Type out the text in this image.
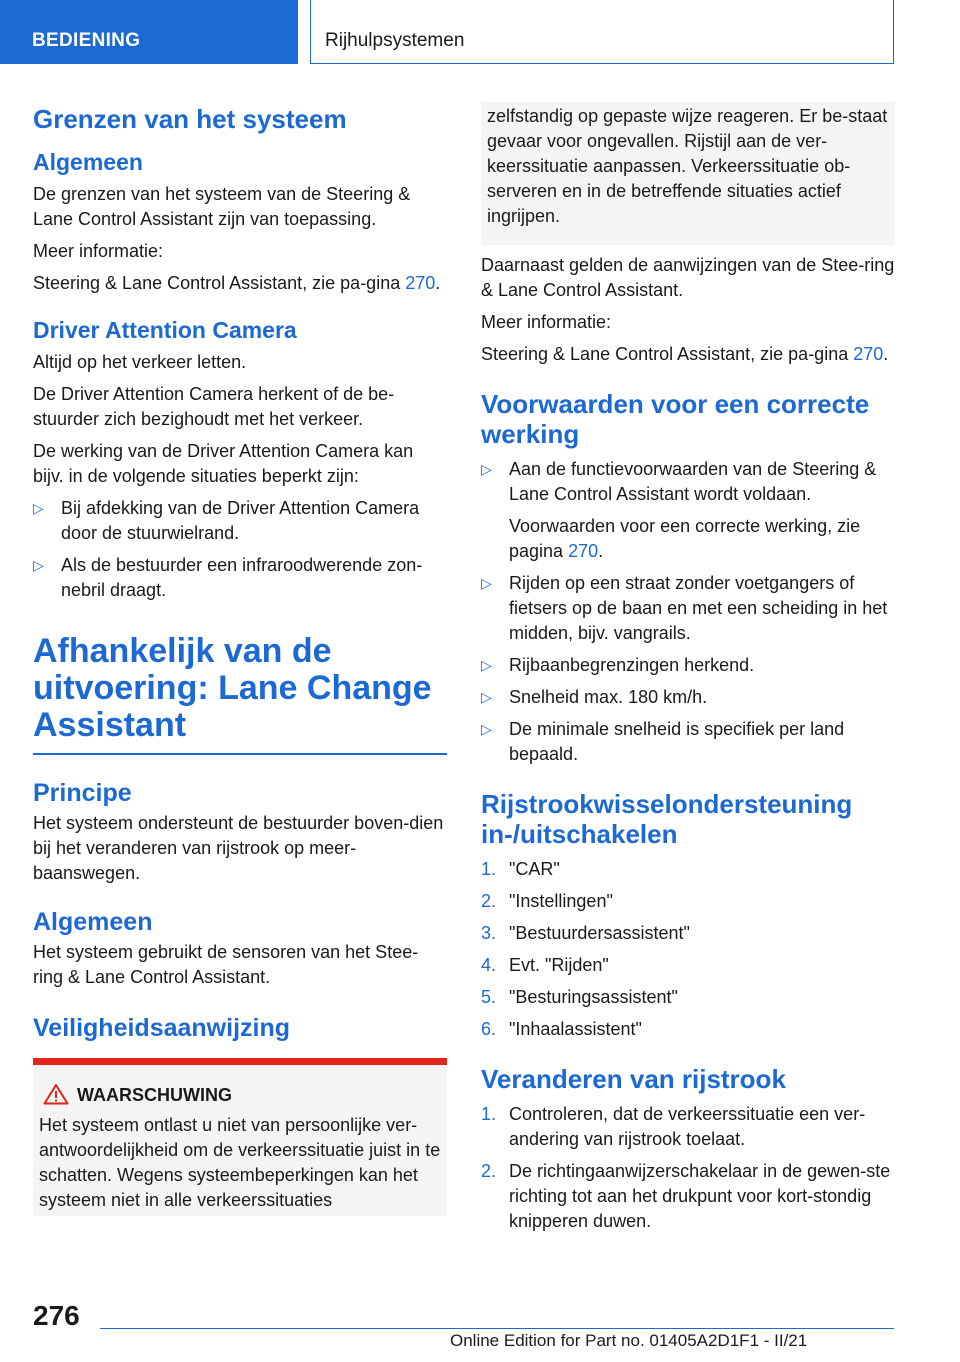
BEDIENING	Rijhulpsystemen
Grenzen van het systeem
Algemeen

De grenzen van het systeem van de Steering & Lane Control Assistant zijn van toepassing.

Meer informatie:

Steering & Lane Control Assistant, zie pa-gina 270.

Driver Attention Camera

Altijd op het verkeer letten.

De Driver Attention Camera herkent of de be-stuurder zich bezighoudt met het verkeer.

De werking van de Driver Attention Camera kan bijv. in de volgende situaties beperkt zijn:

▷ Bij afdekking van de Driver Attention Camera door de stuurwielrand.
▷ Als de bestuurder een infraroodwerende zon-nebril draagt.
Afhankelijk van de uitvoering: Lane Change Assistant
Principe

Het systeem ondersteunt de bestuurder boven-dien bij het veranderen van rijstrook op meer-baanswegen.

Algemeen

Het systeem gebruikt de sensoren van het Stee-ring & Lane Control Assistant.

Veiligheidsaanwijzing

WAARSCHUWING

Het systeem ontlast u niet van persoonlijke ver-antwoordelijkheid om de verkeerssituatie juist in te schatten. Wegens systeembeperkingen kan het systeem niet in alle verkeerssituaties

zelfstandig op gepaste wijze reageren. Er be-staat gevaar voor ongevallen. Rijstijl aan de ver-keerssituatie aanpassen. Verkeerssituatie ob-serveren en in de betreffende situaties actief ingrijpen.

Daarnaast gelden de aanwijzingen van de Stee-ring & Lane Control Assistant.

Meer informatie:

Steering & Lane Control Assistant, zie pa-gina 270.

Voorwaarden voor een correcte werking
▷ Aan de functievoorwaarden van de Steering & Lane Control Assistant wordt voldaan.
Voorwaarden voor een correcte werking, zie pagina 270.
▷ Rijden op een straat zonder voetgangers of fietsers op de baan en met een scheiding in het midden, bijv. vangrails.
▷ Rijbaanbegrenzingen herkend.
▷ Snelheid max. 180 km/h.
▷ De minimale snelheid is specifiek per land bepaald.
Rijstrookwisselondersteuning in-/uitschakelen
1. "CAR"
2. "Instellingen"
3. "Bestuurdersassistent"
4. Evt. "Rijden"
5. "Besturingsassistent"
6. "Inhaalassistent"
Veranderen van rijstrook
1. Controleren, dat de verkeerssituatie een ver-andering van rijstrook toelaat.
2. De richtingaanwijzerschakelaar in de gewen-ste richting tot aan het drukpunt voor kort-stondig knipperen duwen.
276
Online Edition for Part no. 01405A2D1F1 - II/21
